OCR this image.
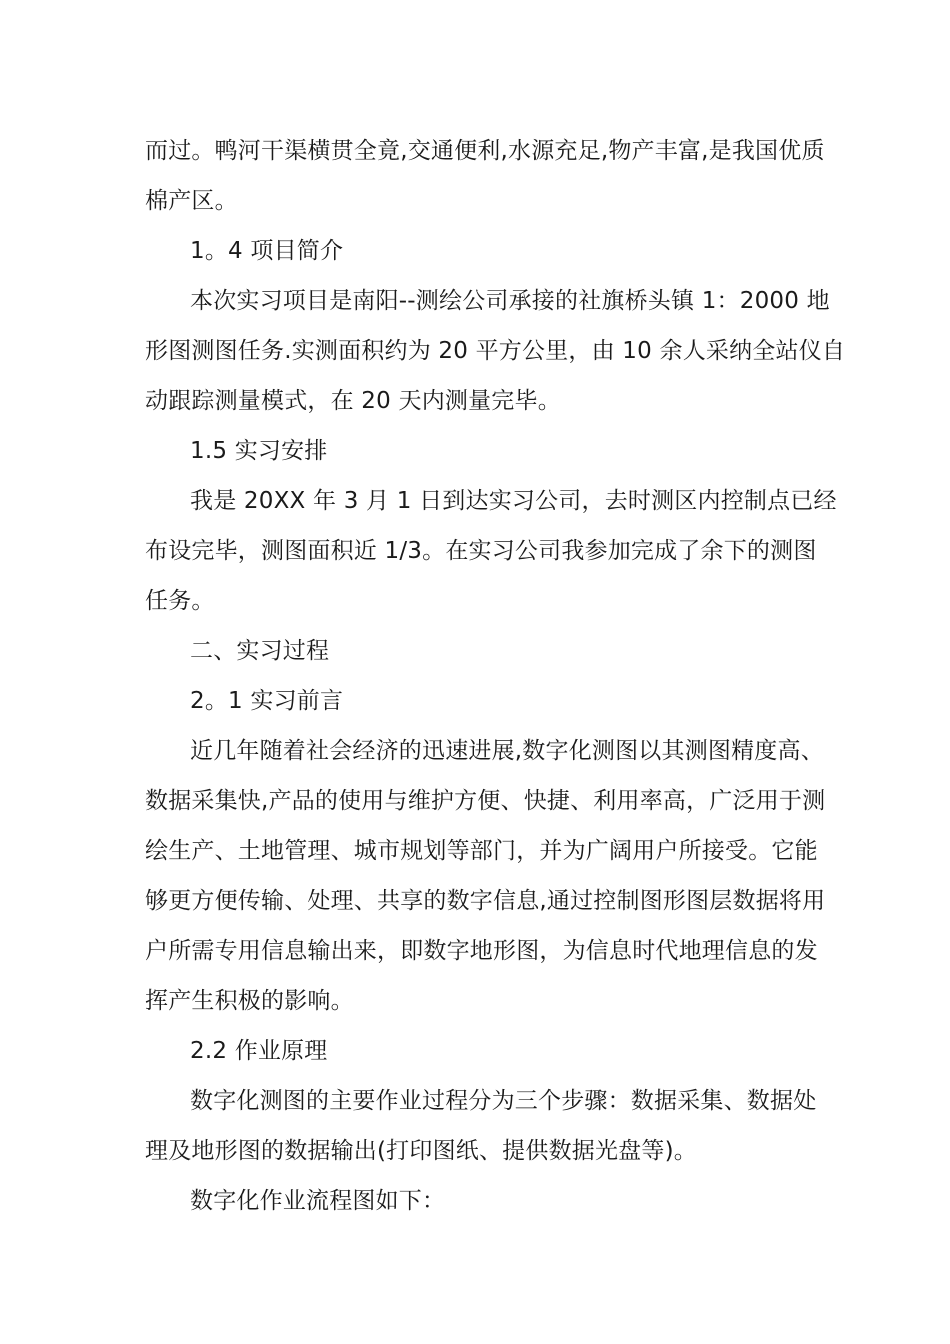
而过。鸭河干渠横贯全竟,交通便利,水源充足,物产丰富,是我国优质
棉产区。
1。4 项目简介
本次实习项目是南阳--测绘公司承接的社旗桥头镇 1：2000 地
形图测图任务.实测面积约为 20 平方公里，由 10 余人采纳全站仪自
动跟踪测量模式，在 20 天内测量完毕。
1.5 实习安排
我是 20XX 年 3 月 1 日到达实习公司，去时测区内控制点已经
布设完毕，测图面积近 1/3。在实习公司我参加完成了余下的测图
任务。
二、实习过程
2。1 实习前言
近几年随着社会经济的迅速进展,数字化测图以其测图精度高、
数据采集快,产品的使用与维护方便、快捷、利用率高，广泛用于测
绘生产、土地管理、城市规划等部门，并为广阔用户所接受。它能
够更方便传输、处理、共享的数字信息,通过控制图形图层数据将用
户所需专用信息输出来，即数字地形图，为信息时代地理信息的发
挥产生积极的影响。
2.2 作业原理
数字化测图的主要作业过程分为三个步骤：数据采集、数据处
理及地形图的数据输出(打印图纸、提供数据光盘等)。
数字化作业流程图如下：
